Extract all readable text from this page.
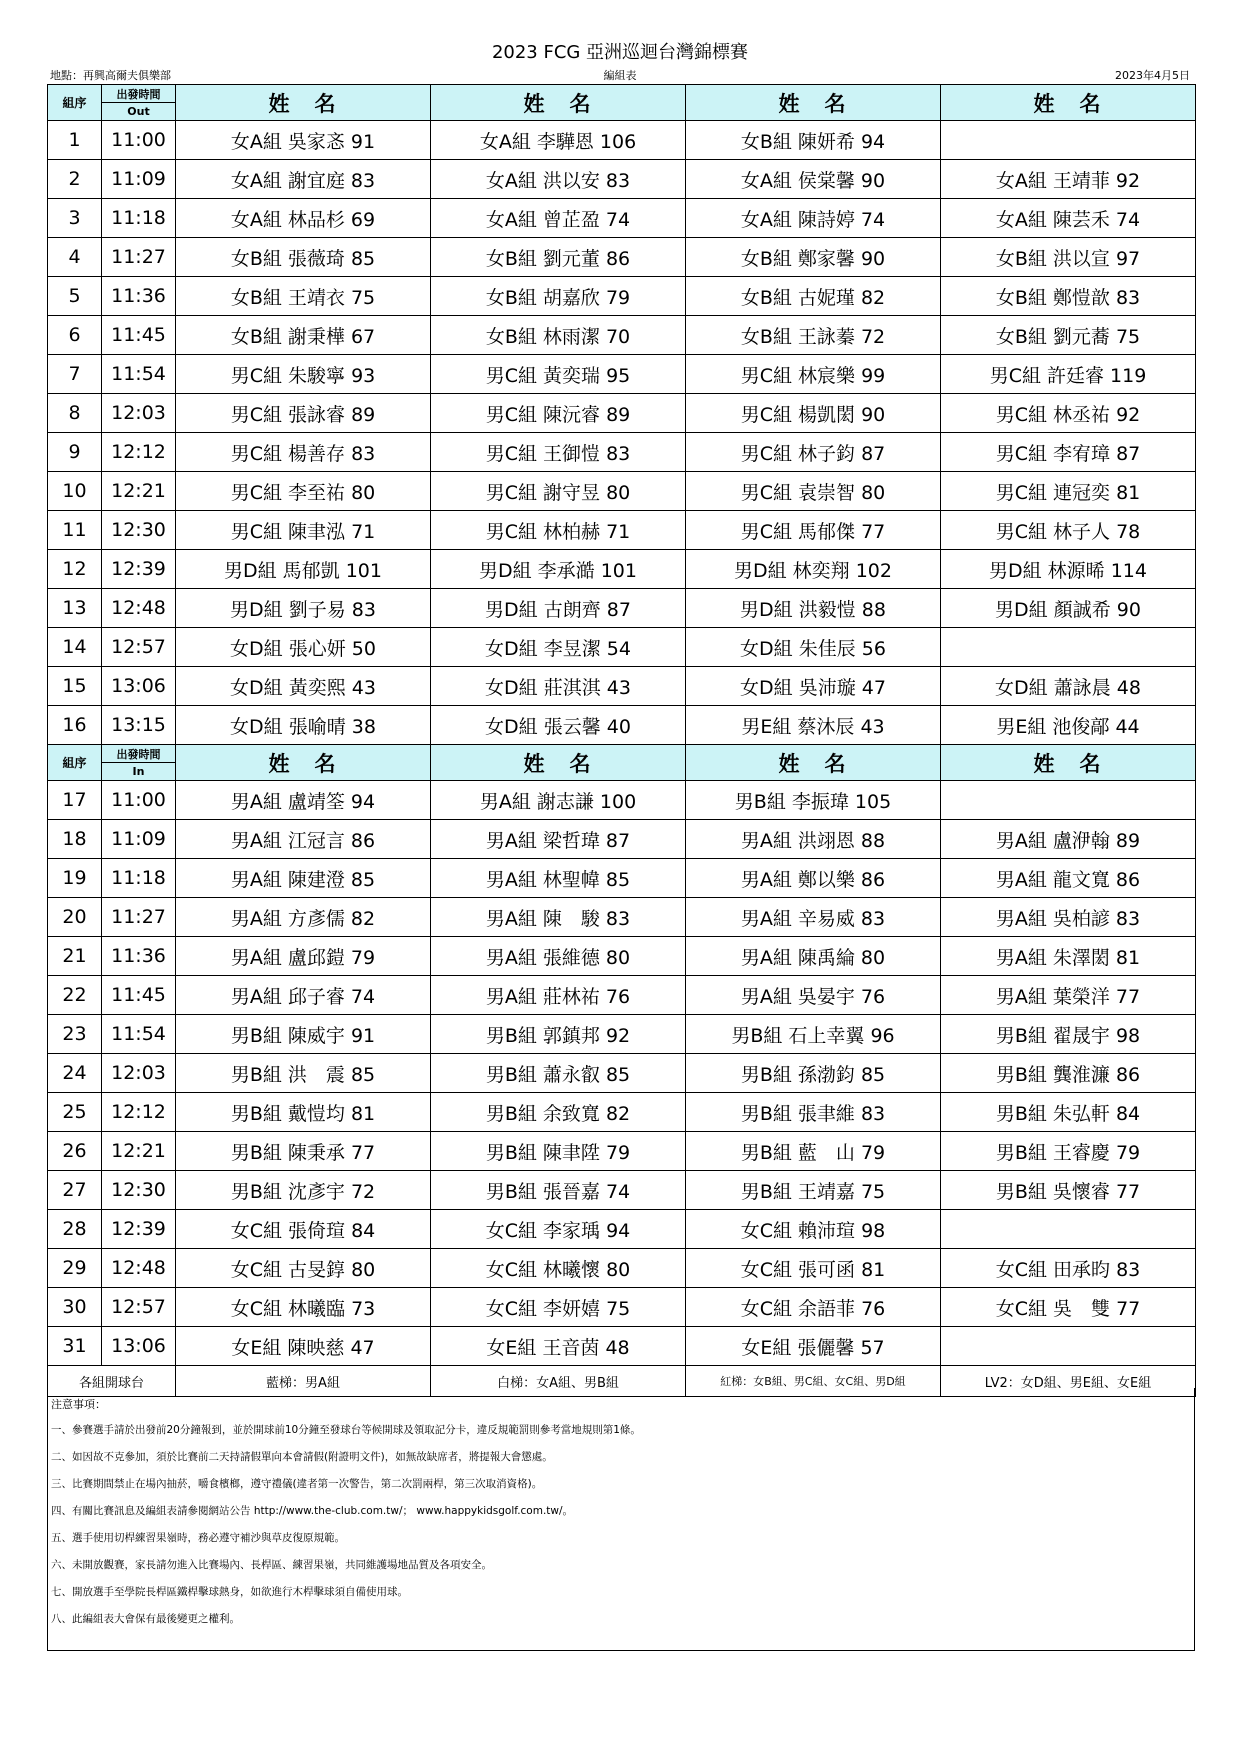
2023 FCG 亞洲巡迴台灣錦標賽
地點：再興高爾夫俱樂部	編組表	2023年4月5日
組序	出發時間
Out	姓　名	姓　名	姓　名	姓　名
1	11:00	女A組 吳家忞 91	女A組 李驊恩 106	女B組 陳妍希 94	
2	11:09	女A組 謝宜庭 83	女A組 洪以安 83	女A組 侯棠馨 90	女A組 王靖菲 92
3	11:18	女A組 林品杉 69	女A組 曾芷盈 74	女A組 陳詩婷 74	女A組 陳芸禾 74
4	11:27	女B組 張薇琦 85	女B組 劉元董 86	女B組 鄭家馨 90	女B組 洪以宣 97
5	11:36	女B組 王靖衣 75	女B組 胡嘉欣 79	女B組 古妮瑾 82	女B組 鄭愷歆 83
6	11:45	女B組 謝秉樺 67	女B組 林雨潔 70	女B組 王詠蓁 72	女B組 劉元蕎 75
7	11:54	男C組 朱駿寧 93	男C組 黃奕瑞 95	男C組 林宸樂 99	男C組 許廷睿 119
8	12:03	男C組 張詠睿 89	男C組 陳沅睿 89	男C組 楊凱閎 90	男C組 林丞祐 92
9	12:12	男C組 楊善存 83	男C組 王御愷 83	男C組 林子鈞 87	男C組 李宥璋 87
10	12:21	男C組 李至祐 80	男C組 謝守昱 80	男C組 袁崇智 80	男C組 連冠奕 81
11	12:30	男C組 陳聿泓 71	男C組 林柏赫 71	男C組 馬郁傑 77	男C組 林子人 78
12	12:39	男D組 馬郁凱 101	男D組 李承澔 101	男D組 林奕翔 102	男D組 林源晞 114
13	12:48	男D組 劉子易 83	男D組 古朗齊 87	男D組 洪毅愷 88	男D組 顏誠希 90
14	12:57	女D組 張心妍 50	女D組 李昱潔 54	女D組 朱佳辰 56	
15	13:06	女D組 黃奕熙 43	女D組 莊淇淇 43	女D組 吳沛璇 47	女D組 蕭詠晨 48
16	13:15	女D組 張喻晴 38	女D組 張云馨 40	男E組 蔡沐辰 43	男E組 池俊鄗 44
組序	出發時間
In	姓　名	姓　名	姓　名	姓　名
17	11:00	男A組 盧靖筌 94	男A組 謝志謙 100	男B組 李振瑋 105	
18	11:09	男A組 江冠言 86	男A組 梁哲瑋 87	男A組 洪翊恩 88	男A組 盧洢翰 89
19	11:18	男A組 陳建澄 85	男A組 林聖幃 85	男A組 鄭以樂 86	男A組 龍文寬 86
20	11:27	男A組 方彥儒 82	男A組 陳　駿 83	男A組 辛易威 83	男A組 吳柏諺 83
21	11:36	男A組 盧邱鎧 79	男A組 張維德 80	男A組 陳禹綸 80	男A組 朱澤閎 81
22	11:45	男A組 邱子睿 74	男A組 莊林祐 76	男A組 吳晏宇 76	男A組 葉榮洋 77
23	11:54	男B組 陳威宇 91	男B組 郭鎮邦 92	男B組 石上幸翼 96	男B組 翟晟宇 98
24	12:03	男B組 洪　震 85	男B組 蕭永叡 85	男B組 孫渤鈞 85	男B組 龔淮濂 86
25	12:12	男B組 戴愷均 81	男B組 余致寬 82	男B組 張聿維 83	男B組 朱弘軒 84
26	12:21	男B組 陳秉承 77	男B組 陳聿陞 79	男B組 藍　山 79	男B組 王睿慶 79
27	12:30	男B組 沈彥宇 72	男B組 張晉嘉 74	男B組 王靖嘉 75	男B組 吳懷睿 77
28	12:39	女C組 張倚瑄 84	女C組 李家瑀 94	女C組 賴沛瑄 98	
29	12:48	女C組 古旻錞 80	女C組 林曦懷 80	女C組 張可函 81	女C組 田承昀 83
30	12:57	女C組 林曦臨 73	女C組 李妍嬉 75	女C組 余語菲 76	女C組 吳　雙 77
31	13:06	女E組 陳映慈 47	女E組 王音茵 48	女E組 張儷馨 57	
各組開球台		藍梯：男A組	白梯：女A組、男B組	紅梯：女B組、男C組、女C組、男D組	LV2：女D組、男E組、女E組
注意事項：
一、參賽選手請於出發前20分鐘報到，並於開球前10分鐘至發球台等候開球及領取記分卡，違反規範罰則參考當地規則第1條。
二、如因故不克參加，須於比賽前二天持請假單向本會請假(附證明文件)，如無故缺席者，將提報大會懲處。
三、比賽期間禁止在場內抽菸，嚼食檳榔，遵守禮儀(違者第一次警告，第二次罰兩桿，第三次取消資格)。
四、有關比賽訊息及編組表請參閱網站公告 http://www.the-club.com.tw/； www.happykidsgolf.com.tw/。
五、選手使用切桿練習果嶺時，務必遵守補沙與草皮復原規範。
六、未開放觀賽，家長請勿進入比賽場內、長桿區、練習果嶺，共同維護場地品質及各項安全。
七、開放選手至學院長桿區鐵桿擊球熱身，如欲進行木桿擊球須自備使用球。
八、此編組表大會保有最後變更之權利。
